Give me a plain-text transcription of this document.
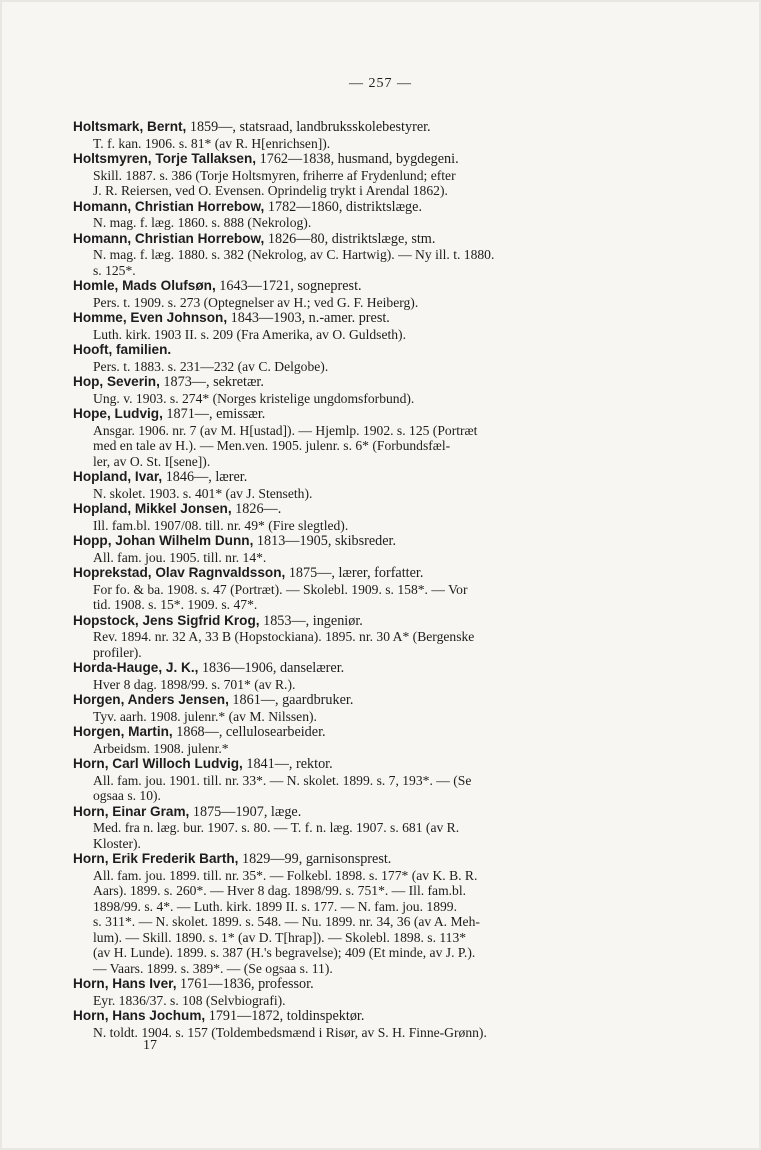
— 257 —

Holtsmark, Bernt, 1859—, statsraad, landbruksskolebestyrer.

T. f. kan. 1906. s. 81* (av R. H[enrichsen]).

Holtsmyren, Torje Tallaksen, 1762—1838, husmand, bygdegeni.

Skill. 1887. s. 386 (Torje Holtsmyren, friherre af Frydenlund; efter

J. R. Reiersen, ved O. Evensen. Oprindelig trykt i Arendal 1862).

Homann, Christian Horrebow, 1782—1860, distriktslæge.

N. mag. f. læg. 1860. s. 888 (Nekrolog).

Homann, Christian Horrebow, 1826—80, distriktslæge, stm.

N. mag. f. læg. 1880. s. 382 (Nekrolog, av C. Hartwig). — Ny ill. t. 1880.

s. 125*.

Homle, Mads Olufsøn, 1643—1721, sogneprest.

Pers. t. 1909. s. 273 (Optegnelser av H.; ved G. F. Heiberg).

Homme, Even Johnson, 1843—1903, n.-amer. prest.

Luth. kirk. 1903 II. s. 209 (Fra Amerika, av O. Guldseth).

Hooft, familien.

Pers. t. 1883. s. 231—232 (av C. Delgobe).

Hop, Severin, 1873—, sekretær.

Ung. v. 1903. s. 274* (Norges kristelige ungdomsforbund).

Hope, Ludvig, 1871—, emissær.

Ansgar. 1906. nr. 7 (av M. H[ustad]). — Hjemlp. 1902. s. 125 (Portræt

med en tale av H.). — Men.ven. 1905. julenr. s. 6* (Forbundsfæl-

ler, av O. St. I[sene]).

Hopland, Ivar, 1846—, lærer.

N. skolet. 1903. s. 401* (av J. Stenseth).

Hopland, Mikkel Jonsen, 1826—.

Ill. fam.bl. 1907/08. till. nr. 49* (Fire slegtled).

Hopp, Johan Wilhelm Dunn, 1813—1905, skibsreder.

All. fam. jou. 1905. till. nr. 14*.

Hoprekstad, Olav Ragnvaldsson, 1875—, lærer, forfatter.

For fo. & ba. 1908. s. 47 (Portræt). — Skolebl. 1909. s. 158*. — Vor

tid. 1908. s. 15*. 1909. s. 47*.

Hopstock, Jens Sigfrid Krog, 1853—, ingeniør.

Rev. 1894. nr. 32 A, 33 B (Hopstockiana). 1895. nr. 30 A* (Bergenske

profiler).

Horda-Hauge, J. K., 1836—1906, danselærer.

Hver 8 dag. 1898/99. s. 701* (av R.).

Horgen, Anders Jensen, 1861—, gaardbruker.

Tyv. aarh. 1908. julenr.* (av M. Nilssen).

Horgen, Martin, 1868—, cellulosearbeider.

Arbeidsm. 1908. julenr.*

Horn, Carl Willoch Ludvig, 1841—, rektor.

All. fam. jou. 1901. till. nr. 33*. — N. skolet. 1899. s. 7, 193*. — (Se

ogsaa s. 10).

Horn, Einar Gram, 1875—1907, læge.

Med. fra n. læg. bur. 1907. s. 80. — T. f. n. læg. 1907. s. 681 (av R.

Kloster).

Horn, Erik Frederik Barth, 1829—99, garnisonsprest.

All. fam. jou. 1899. till. nr. 35*. — Folkebl. 1898. s. 177* (av K. B. R.

Aars). 1899. s. 260*. — Hver 8 dag. 1898/99. s. 751*. — Ill. fam.bl.

1898/99. s. 4*. — Luth. kirk. 1899 II. s. 177. — N. fam. jou. 1899.

s. 311*. — N. skolet. 1899. s. 548. — Nu. 1899. nr. 34, 36 (av A. Meh-

lum). — Skill. 1890. s. 1* (av D. T[hrap]). — Skolebl. 1898. s. 113*

(av H. Lunde). 1899. s. 387 (H.'s begravelse); 409 (Et minde, av J. P.).

— Vaars. 1899. s. 389*. — (Se ogsaa s. 11).

Horn, Hans Iver, 1761—1836, professor.

Eyr. 1836/37. s. 108 (Selvbiografi).

Horn, Hans Jochum, 1791—1872, toldinspektør.

N. toldt. 1904. s. 157 (Toldembedsmænd i Risør, av S. H. Finne-Grønn).

17
